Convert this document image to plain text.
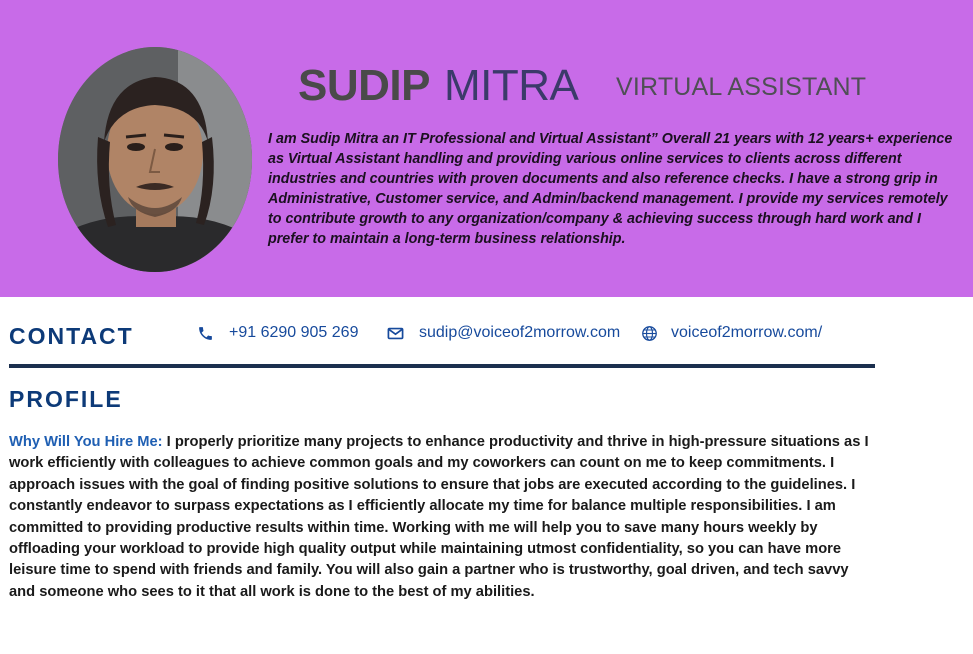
SUDIP MITRA VIRTUAL ASSISTANT

I am Sudip Mitra an IT Professional and Virtual Assistant” Overall 21 years with 12 years+ experience as Virtual Assistant handling and providing various online services to clients across different industries and countries with proven documents and also reference checks. I have a strong grip in Administrative, Customer service, and Admin/backend management. I provide my services remotely to contribute growth to any organization/company & achieving success through hard work and I prefer to maintain a long-term business relationship.

CONTACT	+91 6290 905 269	sudip@voiceof2morrow.com	voiceof2morrow.com/
PROFILE

Why Will You Hire Me: I properly prioritize many projects to enhance productivity and thrive in high-pressure situations as I work efficiently with colleagues to achieve common goals and my coworkers can count on me to keep commitments. I approach issues with the goal of finding positive solutions to ensure that jobs are executed according to the guidelines. I constantly endeavor to surpass expectations as I efficiently allocate my time for balance multiple responsibilities. I am committed to providing productive results within time. Working with me will help you to save many hours weekly by offloading your workload to provide high quality output while maintaining utmost confidentiality, so you can have more leisure time to spend with friends and family. You will also gain a partner who is trustworthy, goal driven, and tech savvy and someone who sees to it that all work is done to the best of my abilities.
